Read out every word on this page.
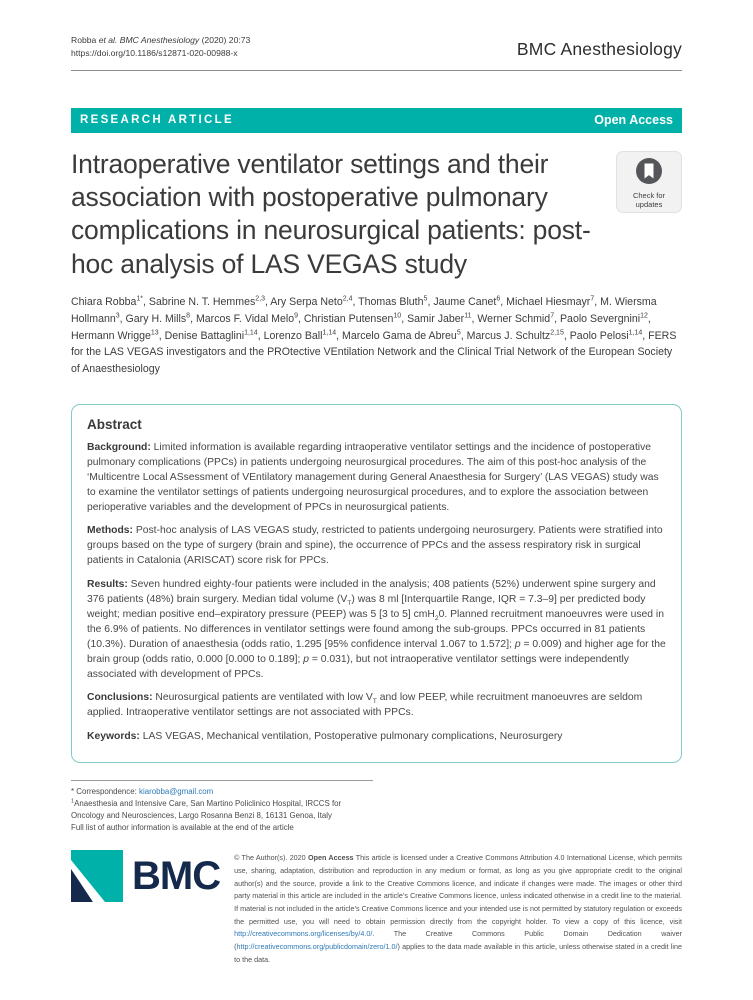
Robba et al. BMC Anesthesiology (2020) 20:73
https://doi.org/10.1186/s12871-020-00988-x	BMC Anesthesiology
RESEARCH ARTICLE	Open Access
Intraoperative ventilator settings and their association with postoperative pulmonary complications in neurosurgical patients: post-hoc analysis of LAS VEGAS study
Check for
updates

Chiara Robba$^{1*}$, Sabrine N. T. Hemmes$^{2,3}$, Ary Serpa Neto$^{2,4}$, Thomas Bluth$^5$, Jaume Canet$^6$, Michael Hiesmayr$^7$, M. Wiersma Hollmann$^3$, Gary H. Mills$^8$, Marcos F. Vidal Melo$^9$, Christian Putensen$^{10}$, Samir Jaber$^{11}$, Werner Schmid$^7$, Paolo Severgnini$^{12}$, Hermann Wrigge$^{13}$, Denise Battaglini$^{1,14}$, Lorenzo Ball$^{1,14}$, Marcelo Gama de Abreu$^5$, Marcus J. Schultz$^{2,15}$, Paolo Pelosi$^{1,14}$, FERS for the LAS VEGAS investigators and the PROtective VEntilation Network and the Clinical Trial Network of the European Society of Anaesthesiology

Abstract

Background: Limited information is available regarding intraoperative ventilator settings and the incidence of postoperative pulmonary complications (PPCs) in patients undergoing neurosurgical procedures. The aim of this post-hoc analysis of the ‘Multicentre Local ASsessment of VEntilatory management during General Anaesthesia for Surgery’ (LAS VEGAS) study was to examine the ventilator settings of patients undergoing neurosurgical procedures, and to explore the association between perioperative variables and the development of PPCs in neurosurgical patients.

Methods: Post-hoc analysis of LAS VEGAS study, restricted to patients undergoing neurosurgery. Patients were stratified into groups based on the type of surgery (brain and spine), the occurrence of PPCs and the assess respiratory risk in surgical patients in Catalonia (ARISCAT) score risk for PPCs.

Results: Seven hundred eighty-four patients were included in the analysis; 408 patients (52%) underwent spine surgery and 376 patients (48%) brain surgery. Median tidal volume $(V_T)$ was 8 ml [Interquartile Range, IQR = 7.3–9] per predicted body weight; median positive end–expiratory pressure (PEEP) was 5 [3 to 5] cmH$_2$0. Planned recruitment manoeuvres were used in the 6.9% of patients. No differences in ventilator settings were found among the sub-groups. PPCs occurred in 81 patients (10.3%). Duration of anaesthesia (odds ratio, 1.295 [95% confidence interval 1.067 to 1.572]; p = 0.009) and higher age for the brain group (odds ratio, 0.000 [0.000 to 0.189]; p = 0.031), but not intraoperative ventilator settings were independently associated with development of PPCs.

Conclusions: Neurosurgical patients are ventilated with low $V_T$ and low PEEP, while recruitment manoeuvres are seldom applied. Intraoperative ventilator settings are not associated with PPCs.

Keywords: LAS VEGAS, Mechanical ventilation, Postoperative pulmonary complications, Neurosurgery

* Correspondence: kiarobba@gmail.com
$^1$Anaesthesia and Intensive Care, San Martino Policlinico Hospital, IRCCS for Oncology and Neurosciences, Largo Rosanna Benzi 8, 16131 Genoa, Italy
Full list of author information is available at the end of the article
BMC © The Author(s). 2020 Open Access This article is licensed under a Creative Commons Attribution 4.0 International License, which permits use, sharing, adaptation, distribution and reproduction in any medium or format, as long as you give appropriate credit to the original author(s) and the source, provide a link to the Creative Commons licence, and indicate if changes were made. The images or other third party material in this article are included in the article’s Creative Commons licence, unless indicated otherwise in a credit line to the material. If material is not included in the article’s Creative Commons licence and your intended use is not permitted by statutory regulation or exceeds the permitted use, you will need to obtain permission directly from the copyright holder. To view a copy of this licence, visit http://creativecommons.org/licenses/by/4.0/. The Creative Commons Public Domain Dedication waiver (http://creativecommons.org/publicdomain/zero/1.0/) applies to the data made available in this article, unless otherwise stated in a credit line to the data.
